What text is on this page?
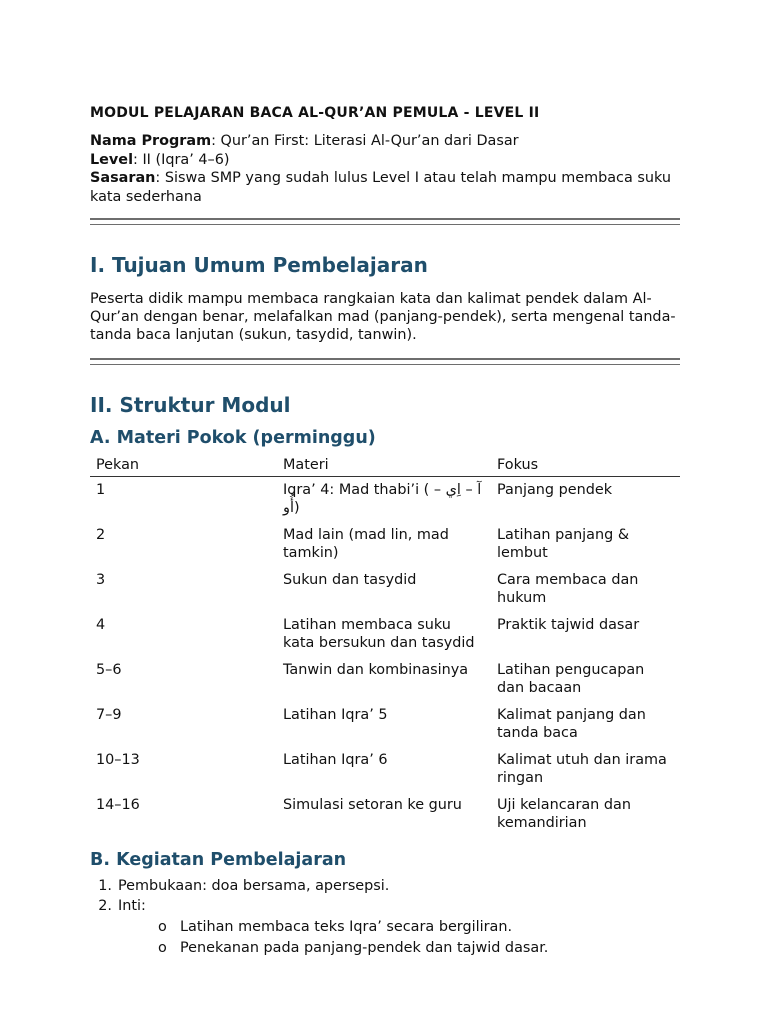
MODUL PELAJARAN BACA AL-QUR’AN PEMULA - LEVEL II

Nama Program: Qur’an First: Literasi Al-Qur’an dari Dasar
Level: II (Iqra’ 4–6)
Sasaran: Siswa SMP yang sudah lulus Level I atau telah mampu membaca suku kata sederhana
I. Tujuan Umum Pembelajaran
Peserta didik mampu membaca rangkaian kata dan kalimat pendek dalam Al-Qur’an dengan benar, melafalkan mad (panjang-pendek), serta mengenal tanda-tanda baca lanjutan (sukun, tasydid, tanwin).
II. Struktur Modul
A. Materi Pokok (perminggu)
Pekan	Materi	Fokus
1	Iqra’ 4: Mad thabi’i ( آ – اِي – أُو)	Panjang pendek
2	Mad lain (mad lin, mad tamkin)	Latihan panjang & lembut
3	Sukun dan tasydid	Cara membaca dan hukum
4	Latihan membaca suku kata bersukun dan tasydid	Praktik tajwid dasar
5–6	Tanwin dan kombinasinya	Latihan pengucapan dan bacaan
7–9	Latihan Iqra’ 5	Kalimat panjang dan tanda baca
10–13	Latihan Iqra’ 6	Kalimat utuh dan irama ringan
14–16	Simulasi setoran ke guru	Uji kelancaran dan kemandirian
B. Kegiatan Pembelajaran
1. Pembukaan: doa bersama, apersepsi.
2. Inti:
o Latihan membaca teks Iqra’ secara bergiliran.
o Penekanan pada panjang-pendek dan tajwid dasar.
